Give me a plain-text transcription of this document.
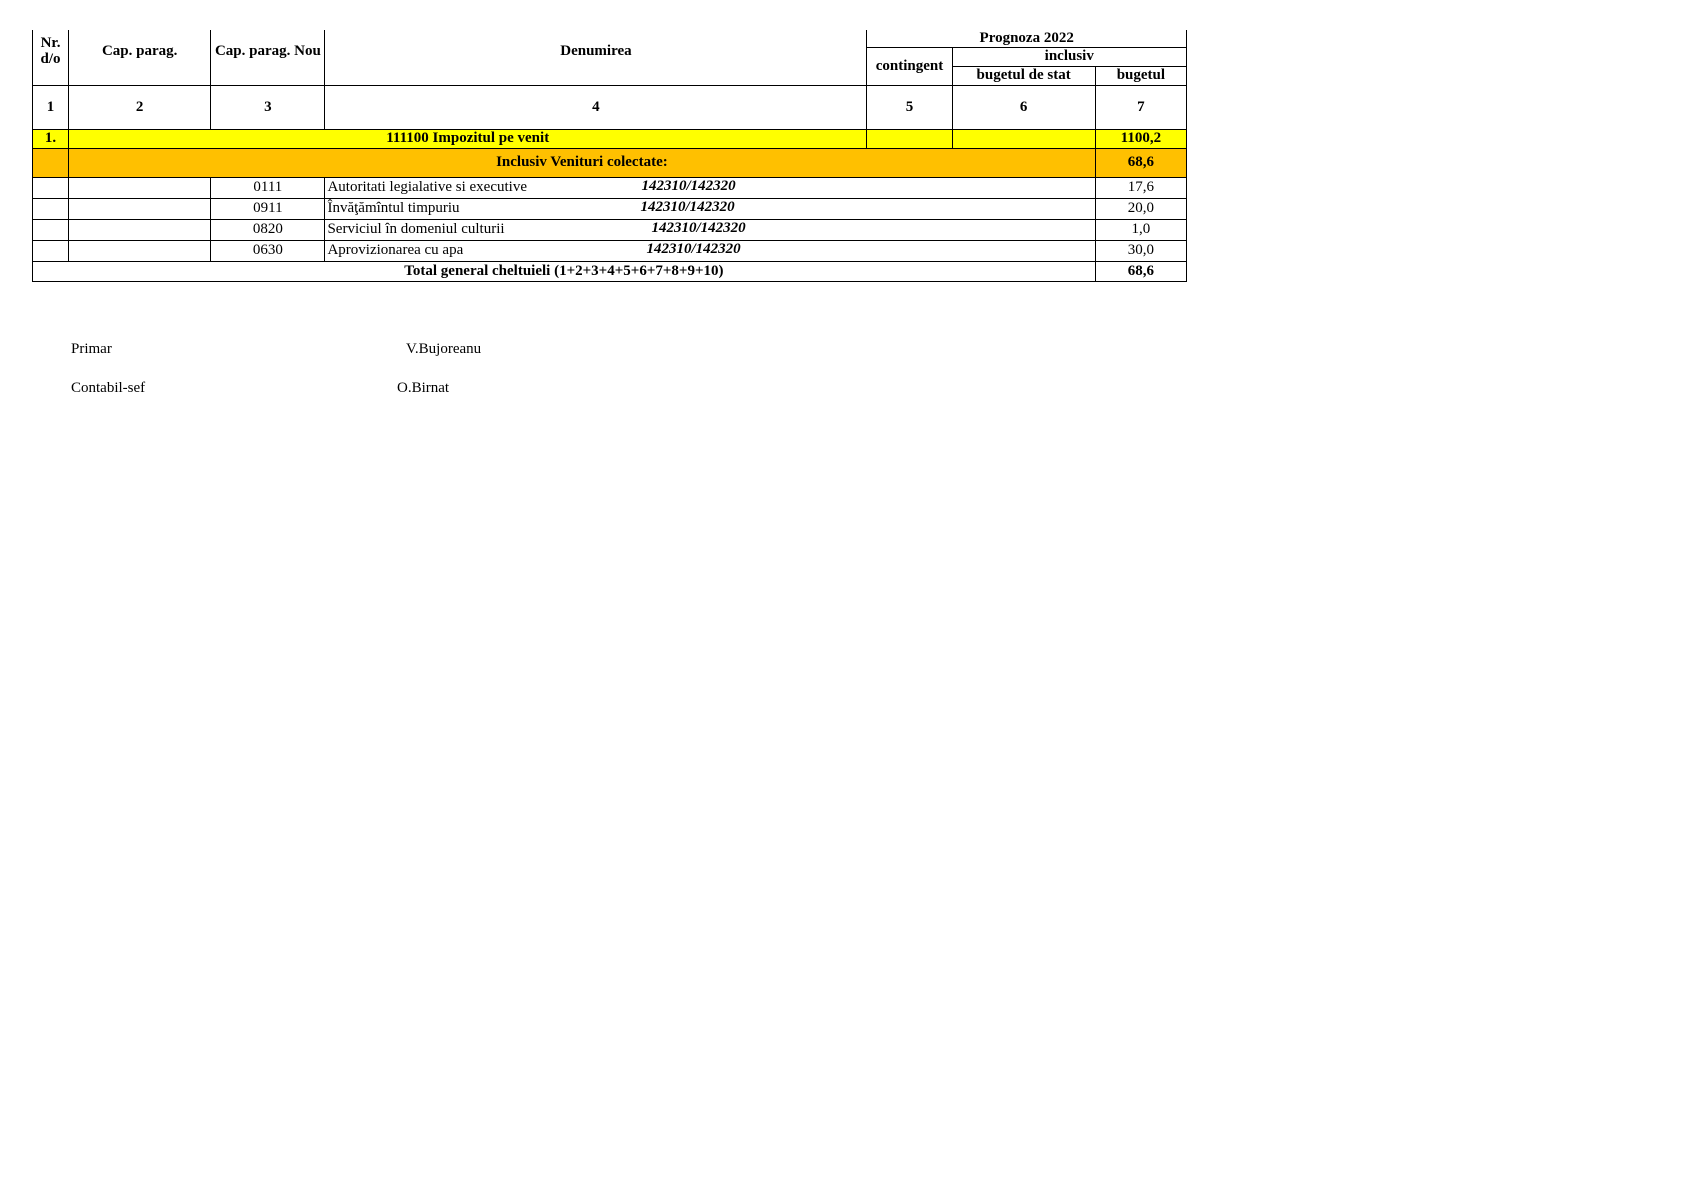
Nr. d/o	Cap. parag.	Cap. parag. Nou	Denumirea	Prognoza 2022		
				contingent	inclusiv	
					bugetul de stat	bugetul
1	2	3	4	5	6	7
1.	111100 Impozitul pe venit					1100,2
	Inclusiv Venituri colectate:					68,6
		0111	Autoritati legialative si executive 142310/142320			17,6
		0911	Învăţămîntul timpuriu 142310/142320			20,0
		0820	Serviciul în domeniul culturii 142310/142320			1,0
		0630	Aprovizionarea cu apa 142310/142320			30,0
Total general cheltuieli (1+2+3+4+5+6+7+8+9+10)						68,6
Primar	V.Bujoreanu
Contabil-sef	O.Birnat
